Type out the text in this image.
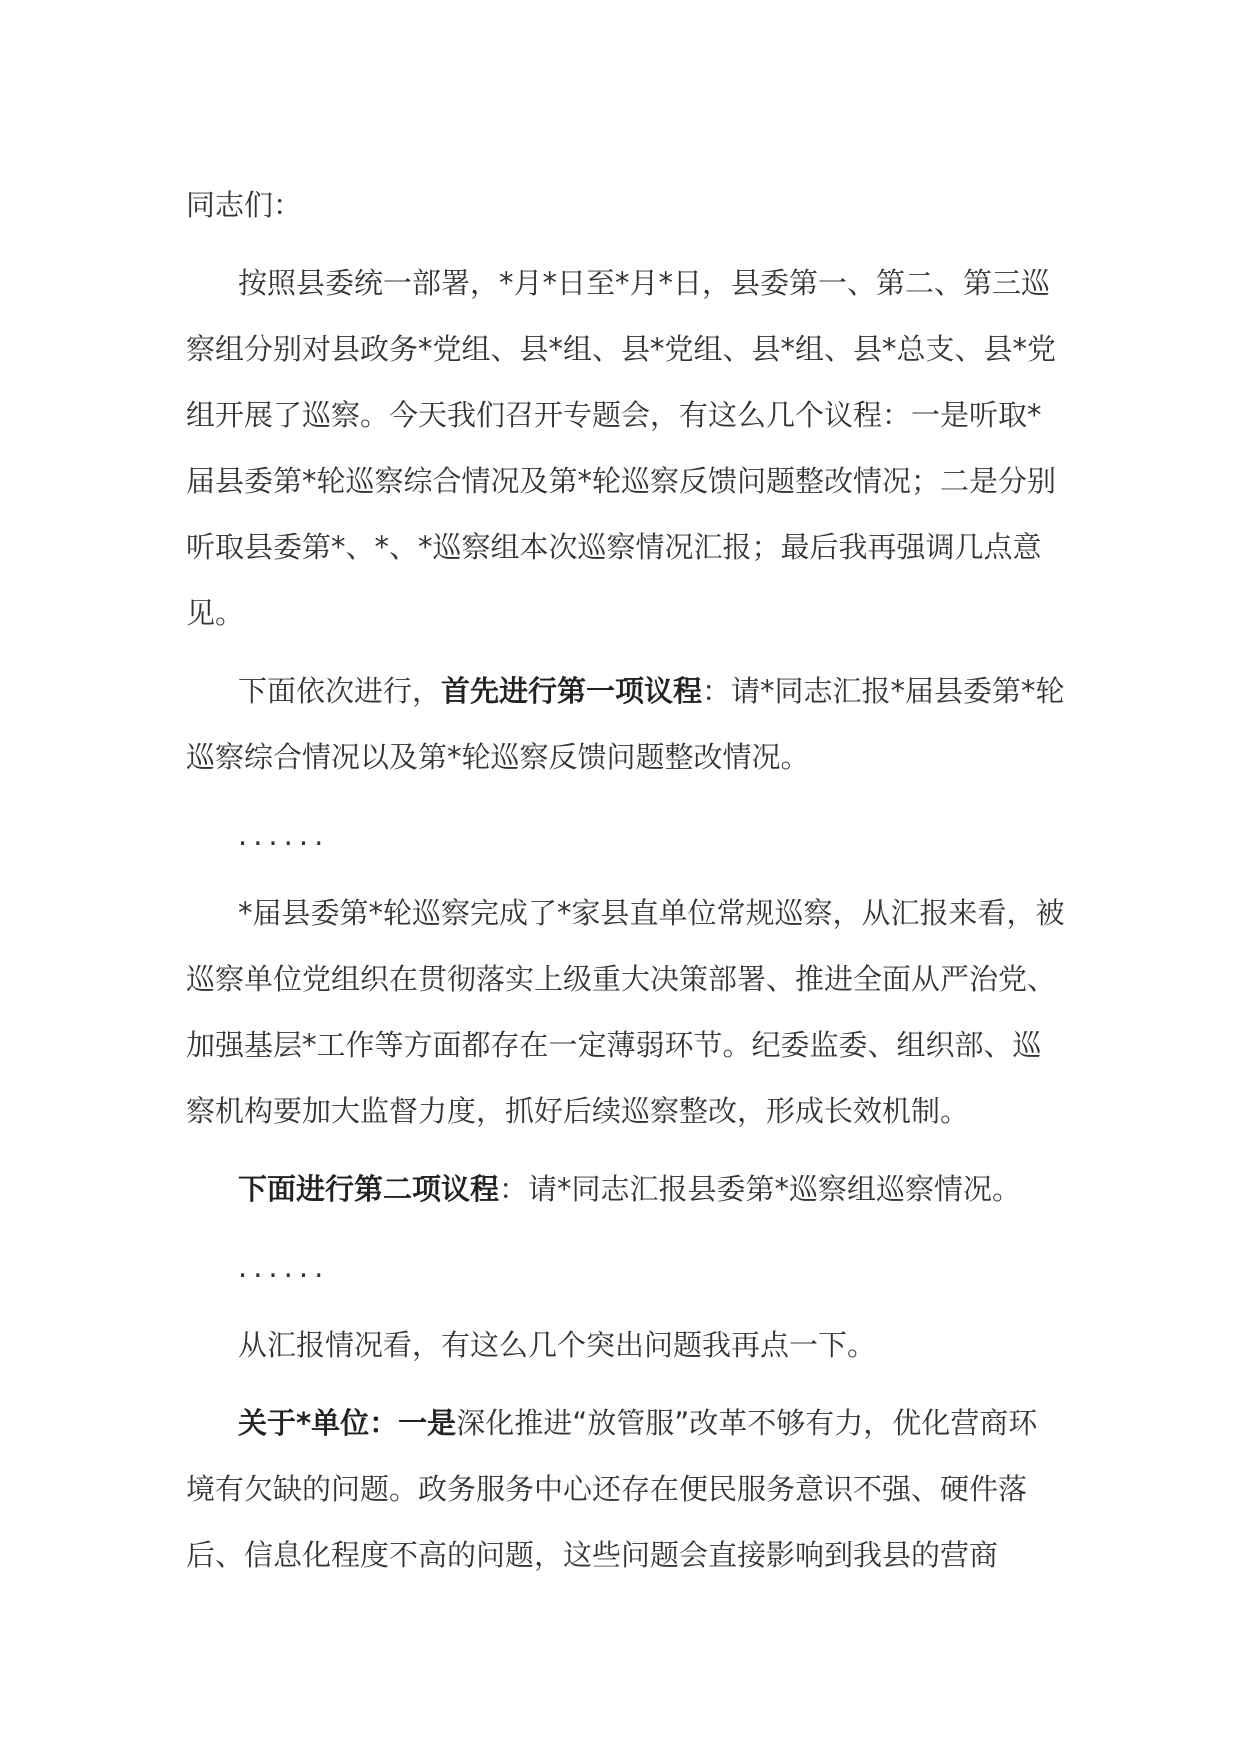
同志们：

按照县委统一部署，*月*日至*月*日，县委第一、第二、第三巡察组分别对县政务*党组、县*组、县*党组、县*组、县*总支、县*党组开展了巡察。今天我们召开专题会，有这么几个议程：一是听取*届县委第*轮巡察综合情况及第*轮巡察反馈问题整改情况；二是分别听取县委第*、*、*巡察组本次巡察情况汇报；最后我再强调几点意见。

下面依次进行，首先进行第一项议程：请*同志汇报*届县委第*轮巡察综合情况以及第*轮巡察反馈问题整改情况。

......

*届县委第*轮巡察完成了*家县直单位常规巡察，从汇报来看，被巡察单位党组织在贯彻落实上级重大决策部署、推进全面从严治党、加强基层*工作等方面都存在一定薄弱环节。纪委监委、组织部、巡察机构要加大监督力度，抓好后续巡察整改，形成长效机制。

下面进行第二项议程：请*同志汇报县委第*巡察组巡察情况。

......

从汇报情况看，有这么几个突出问题我再点一下。

关于*单位：一是深化推进“放管服”改革不够有力，优化营商环境有欠缺的问题。政务服务中心还存在便民服务意识不强、硬件落后、信息化程度不高的问题，这些问题会直接影响到我县的营商
